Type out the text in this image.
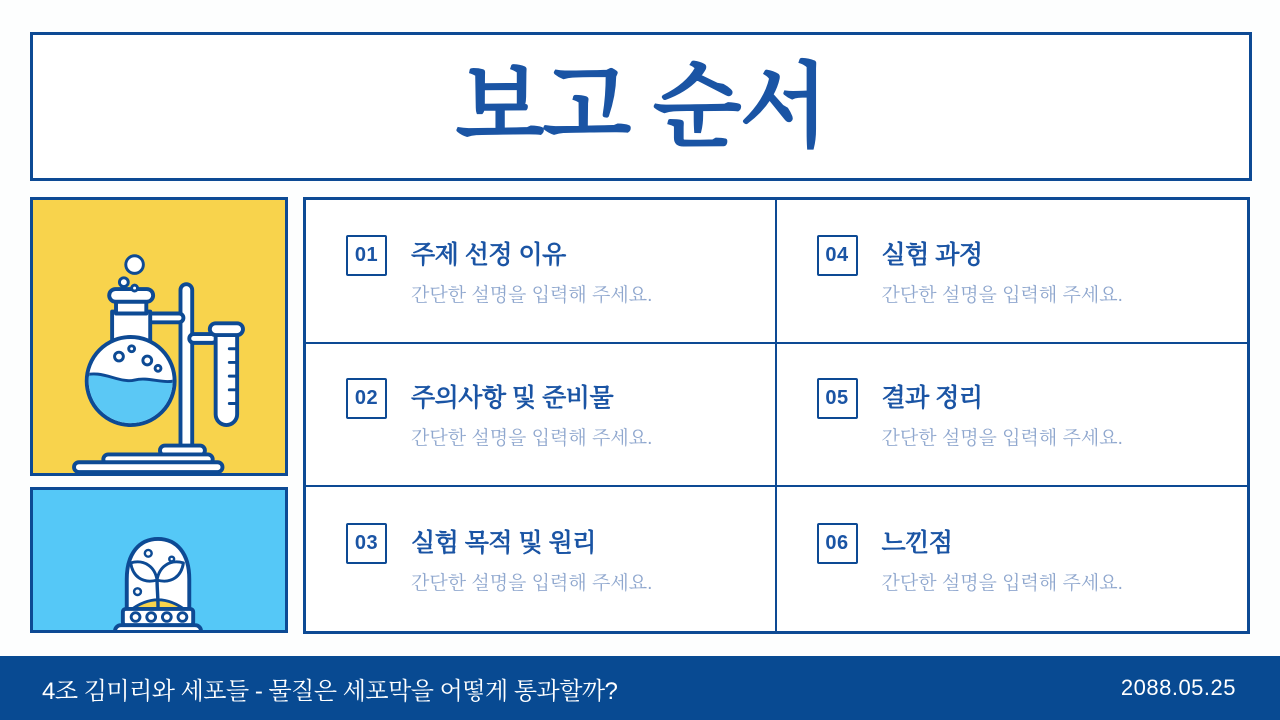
보고 순서
01	주제 선정 이유
간단한 설명을 입력해 주세요.
02	주의사항 및 준비물
간단한 설명을 입력해 주세요.
03	실험 목적 및 원리
간단한 설명을 입력해 주세요.
04	실험 과정
간단한 설명을 입력해 주세요.
05	결과 정리
간단한 설명을 입력해 주세요.
06	느낀점
간단한 설명을 입력해 주세요.
4조 김미리와 세포들 - 물질은 세포막을 어떻게 통과할까?	2088.05.25
